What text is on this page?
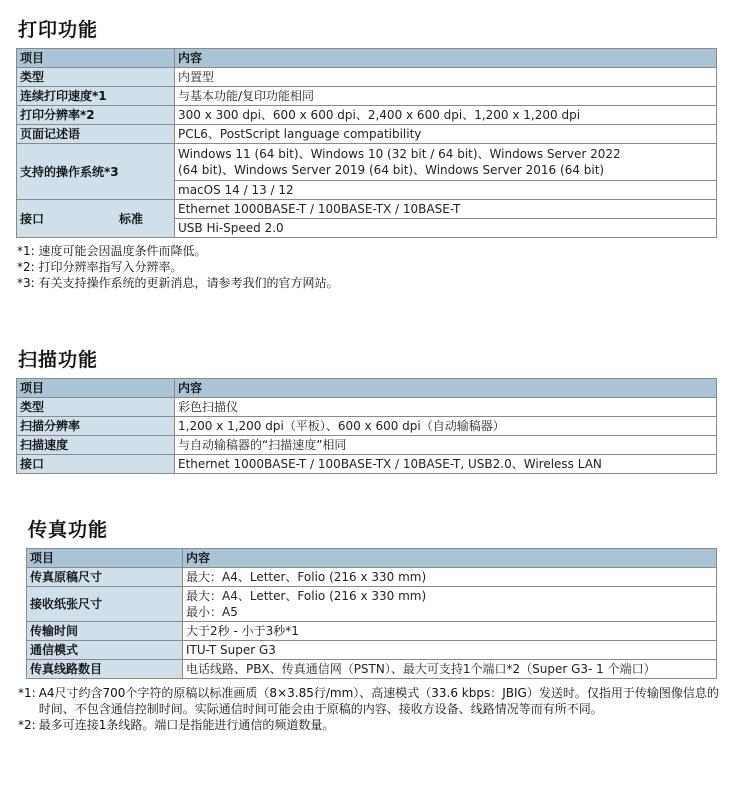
打印功能
项目	内容
类型	内置型
连续打印速度*1	与基本功能/复印功能相同
打印分辨率*2	300 x 300 dpi、600 x 600 dpi、2,400 x 600 dpi、1,200 x 1,200 dpi
页面记述语	PCL6、PostScript language compatibility
支持的操作系统*3	Windows 11 (64 bit)、Windows 10 (32 bit / 64 bit)、Windows Server 2022
(64 bit)、Windows Server 2019 (64 bit)、Windows Server 2016 (64 bit)

	macOS 14 / 13 / 12

接口 标准	Ethernet 1000BASE-T / 100BASE-TX / 10BASE-T
	USB Hi-Speed 2.0
*1: 速度可能会因温度条件而降低。
*2: 打印分辨率指写入分辨率。
*3: 有关支持操作系统的更新消息，请参考我们的官方网站。
扫描功能
项目	内容
类型	彩色扫描仪
扫描分辨率	1,200 x 1,200 dpi（平板）、600 x 600 dpi（自动输稿器）
扫描速度	与自动输稿器的“扫描速度”相同
接口	Ethernet 1000BASE-T / 100BASE-TX / 10BASE-T, USB2.0、Wireless LAN
传真功能
项目	内容
传真原稿尺寸	最大：A4、Letter、Folio (216 x 330 mm)
接收纸张尺寸	最大：A4、Letter、Folio (216 x 330 mm)
最小：A5

传输时间	大于2秒 - 小于3秒*1
通信模式	ITU-T Super G3
传真线路数目	电话线路、PBX、传真通信网（PSTN）、最大可支持1个端口*2（Super G3- 1 个端口）
*1: A4尺寸约含700个字符的原稿以标准画质（8×3.85行/mm）、高速模式（33.6 kbps：JBIG）发送时。仅指用于传输图像信息的时间、不包含通信控制时间。实际通信时间可能会由于原稿的内容、接收方设备、线路情况等而有所不同。
*2: 最多可连接1条线路。端口是指能进行通信的频道数量。
